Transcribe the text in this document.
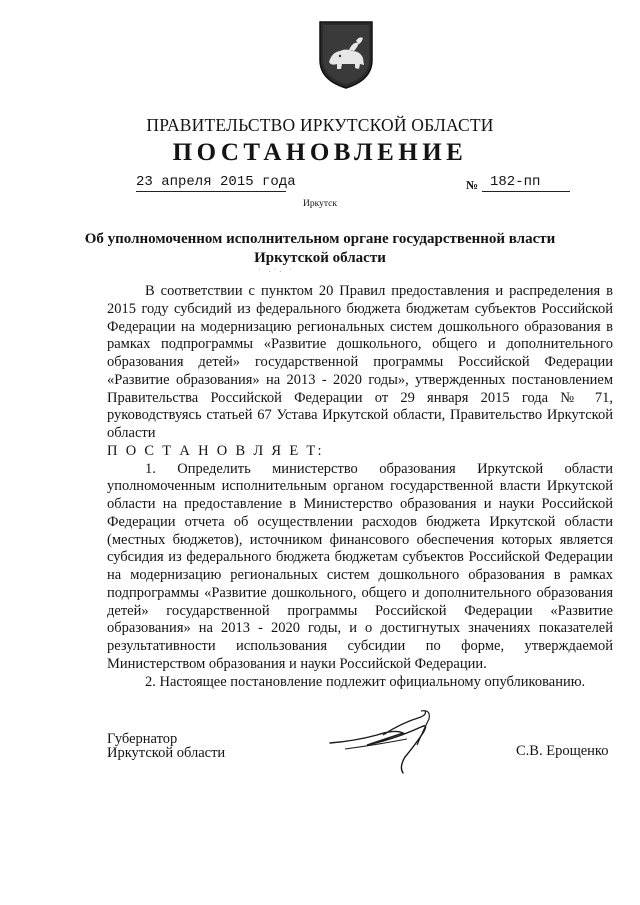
ПРАВИТЕЛЬСТВО ИРКУТСКОЙ ОБЛАСТИ
ПОСТАНОВЛЕНИЕ
23 апреля 2015 года	№ 182-пп
Иркутск
Об уполномоченном исполнительном органе государственной власти
Иркутской области
· .·. ·

В соответствии с пунктом 20 Правил предоставления и распределения в 2015 году субсидий из федерального бюджета бюджетам субъектов Российской Федерации на модернизацию региональных систем дошкольного образования в рамках подпрограммы «Развитие дошкольного, общего и дополнительного образования детей» государственной программы Российской Федерации «Развитие образования» на 2013 - 2020 годы», утвержденных постановлением Правительства Российской Федерации от 29 января 2015 года № 71, руководствуясь статьей 67 Устава Иркутской области, Правительство Иркутской области

П О С Т А Н О В Л Я Е Т:

1. Определить министерство образования Иркутской области уполномоченным исполнительным органом государственной власти Иркутской области на предоставление в Министерство образования и науки Российской Федерации отчета об осуществлении расходов бюджета Иркутской области (местных бюджетов), источником финансового обеспечения которых является субсидия из федерального бюджета бюджетам субъектов Российской Федерации на модернизацию региональных систем дошкольного образования в рамках подпрограммы «Развитие дошкольного, общего и дополнительного образования детей» государственной программы Российской Федерации «Развитие образования» на 2013 - 2020 годы, и о достигнутых значениях показателей результативности использования субсидии по форме, утверждаемой Министерством образования и науки Российской Федерации.

2. Настоящее постановление подлежит официальному опубликованию.

Губернатор
Иркутской области	С.В. Ерощенко
